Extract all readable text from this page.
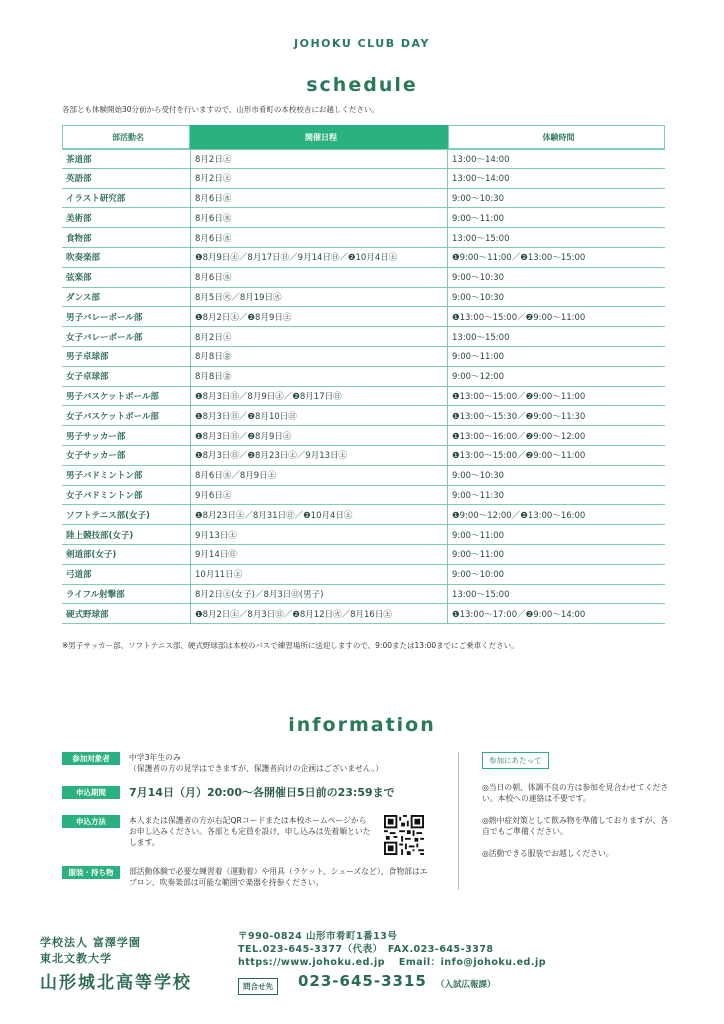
JOHOKU CLUB DAY
schedule
各部とも体験開始30分前から受付を行いますので、山形市肴町の本校校舎にお越しください。
部活動名	開催日程	体験時間
茶道部	8月2日㊏	13:00～14:00
英語部	8月2日㊏	13:00～14:00
イラスト研究部	8月6日㊌	9:00～10:30
美術部	8月6日㊌	9:00～11:00
食物部	8月6日㊌	13:00～15:00
吹奏楽部	❶8月9日㊏／8月17日㊐／9月14日㊐／❷10月4日㊏	❶9:00～11:00／❷13:00～15:00
弦楽部	8月6日㊌	9:00～10:30
ダンス部	8月5日㊋／8月19日㊋	9:00～10:30
男子バレーボール部	❶8月2日㊏／❷8月9日㊏	❶13:00～15:00／❷9:00～11:00
女子バレーボール部	8月2日㊏	13:00～15:00
男子卓球部	8月8日㊎	9:00～11:00
女子卓球部	8月8日㊎	9:00～12:00
男子バスケットボール部	❶8月3日㊐／8月9日㊏／❷8月17日㊐	❶13:00～15:00／❷9:00～11:00
女子バスケットボール部	❶8月3日㊐／❷8月10日㊐	❶13:00～15:30／❷9:00～11:30
男子サッカー部	❶8月3日㊐／❷8月9日㊏	❶13:00～16:00／❷9:00～12:00
女子サッカー部	❶8月3日㊐／❷8月23日㊏／9月13日㊏	❶13:00～15:00／❷9:00～11:00
男子バドミントン部	8月6日㊌／8月9日㊏	9:00～10:30
女子バドミントン部	9月6日㊏	9:00～11:30
ソフトテニス部(女子)	❶8月23日㊏／8月31日㊐／❷10月4日㊏	❶9:00～12:00／❷13:00～16:00
陸上競技部(女子)	9月13日㊏	9:00～11:00
剣道部(女子)	9月14日㊐	9:00～11:00
弓道部	10月11日㊏	9:00～10:00
ライフル射撃部	8月2日㊏(女子)／8月3日㊐(男子)	13:00～15:00
硬式野球部	❶8月2日㊏／8月3日㊐／❷8月12日㊋／8月16日㊏	❶13:00～17:00／❷9:00～14:00
※男子サッカー部、ソフトテニス部、硬式野球部は本校のバスで練習場所に送迎しますので、9:00または13:00までにご乗車ください。
information
参加対象者	中学3年生のみ
（保護者の方の見学はできますが、保護者向けの企画はございません。）
申込期間	7月14日（月）20:00～各開催日5日前の23:59まで
申込方法	本人または保護者の方が右記QRコードまたは本校ホームページからお申し込みください。各部とも定員を設け、申し込みは先着順といたします。
服装・持ち物	部活動体験で必要な練習着（運動着）や用具（ラケット、シューズなど）、食物部はエプロン、吹奏楽部は可能な範囲で楽器を持参ください。
参加にあたって
◎当日の朝、体調不良の方は参加を見合わせてください。本校への連絡は不要です。
◎熱中症対策として飲み物を準備しておりますが、各自でもご準備ください。
◎活動できる服装でお越しください。
学校法人 富澤学園
東北文教大学
山形城北高等学校
〒990-0824 山形市肴町1番13号
TEL.023-645-3377（代表）　FAX.023-645-3378
https://www.johoku.ed.jp　 Email：info@johoku.ed.jp
問合せ先	023-645-3315 （入試広報課）
